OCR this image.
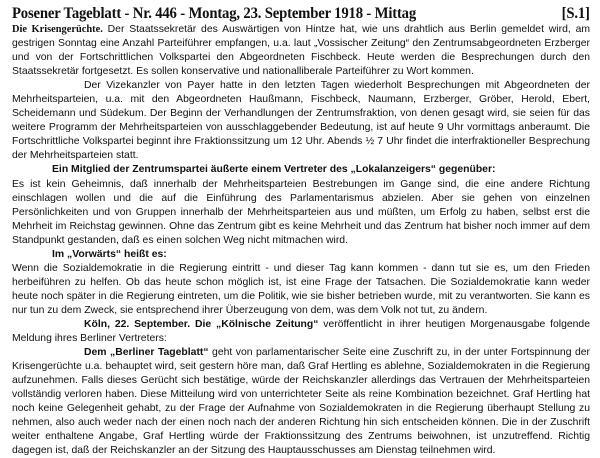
Posener Tageblatt - Nr. 446 - Montag, 23. September 1918 - Mittag	[S.1]

Die Krisengerüchte. Der Staatssekretär des Auswärtigen von Hintze hat, wie uns drahtlich aus Berlin gemeldet wird, am gestrigen Sonntag eine Anzahl Parteiführer empfangen, u.a. laut „Vossischer Zeitung“ den Zentrumsabgeordneten Erzberger und von der Fortschrittlichen Volkspartei den Abgeordneten Fischbeck. Heute werden die Besprechungen durch den Staatssekretär fortgesetzt. Es sollen konservative und nationalliberale Parteiführer zu Wort kommen.

Der Vizekanzler von Payer hatte in den letzten Tagen wiederholt Besprechungen mit Abgeordneten der Mehrheitsparteien, u.a. mit den Abgeordneten Haußmann, Fischbeck, Naumann, Erzberger, Gröber, Herold, Ebert, Scheidemann und Südekum. Der Beginn der Verhandlungen der Zentrumsfraktion, von denen gesagt wird, sie seien für das weitere Programm der Mehrheitsparteien von ausschlaggebender Bedeutung, ist auf heute 9 Uhr vormittags anberaumt. Die Fortschrittliche Volkspartei beginnt ihre Fraktionssitzung um 12 Uhr. Abends ½ 7 Uhr findet die interfraktioneller Besprechung der Mehrheitsparteien statt.

Ein Mitglied der Zentrumspartei äußerte einem Vertreter des „Lokalanzeigers“ gegenüber:

Es ist kein Geheimnis, daß innerhalb der Mehrheitsparteien Bestrebungen im Gange sind, die eine andere Richtung einschlagen wollen und die auf die Einführung des Parlamentarismus abzielen. Aber sie gehen von einzelnen Persönlichkeiten und von Gruppen innerhalb der Mehrheitsparteien aus und müßten, um Erfolg zu haben, selbst erst die Mehrheit im Reichstag gewinnen. Ohne das Zentrum gibt es keine Mehrheit und das Zentrum hat bisher noch immer auf dem Standpunkt gestanden, daß es einen solchen Weg nicht mitmachen wird.

Im „Vorwärts“ heißt es:

Wenn die Sozialdemokratie in die Regierung eintritt - und dieser Tag kann kommen - dann tut sie es, um den Frieden herbeiführen zu helfen. Ob das heute schon möglich ist, ist eine Frage der Tatsachen. Die Sozialdemokratie kann weder heute noch später in die Regierung eintreten, um die Politik, wie sie bisher betrieben wurde, mit zu verantworten. Sie kann es nur tun zu dem Zweck, sie entsprechend ihrer Überzeugung von dem, was dem Volk not tut, zu ändern.

Köln, 22. September. Die „Kölnische Zeitung“ veröffentlicht in ihrer heutigen Morgenausgabe folgende Meldung ihres Berliner Vertreters:

Dem „Berliner Tageblatt“ geht von parlamentarischer Seite eine Zuschrift zu, in der unter Fortspinnung der Krisengerüchte u.a. behauptet wird, seit gestern höre man, daß Graf Hertling es ablehne, Sozialdemokraten in die Regierung aufzunehmen. Falls dieses Gerücht sich bestätige, würde der Reichskanzler allerdings das Vertrauen der Mehrheitsparteien vollständig verloren haben. Diese Mitteilung wird von unterrichteter Seite als reine Kombination bezeichnet. Graf Hertling hat noch keine Gelegenheit gehabt, zu der Frage der Aufnahme von Sozialdemokraten in die Regierung überhaupt Stellung zu nehmen, also auch weder nach der einen noch nach der anderen Richtung hin sich entscheiden können. Die in der Zuschrift weiter enthaltene Angabe, Graf Hertling würde der Fraktionssitzung des Zentrums beiwohnen, ist unzutreffend. Richtig dagegen ist, daß der Reichskanzler an der Sitzung des Hauptausschusses am Dienstag teilnehmen wird.
